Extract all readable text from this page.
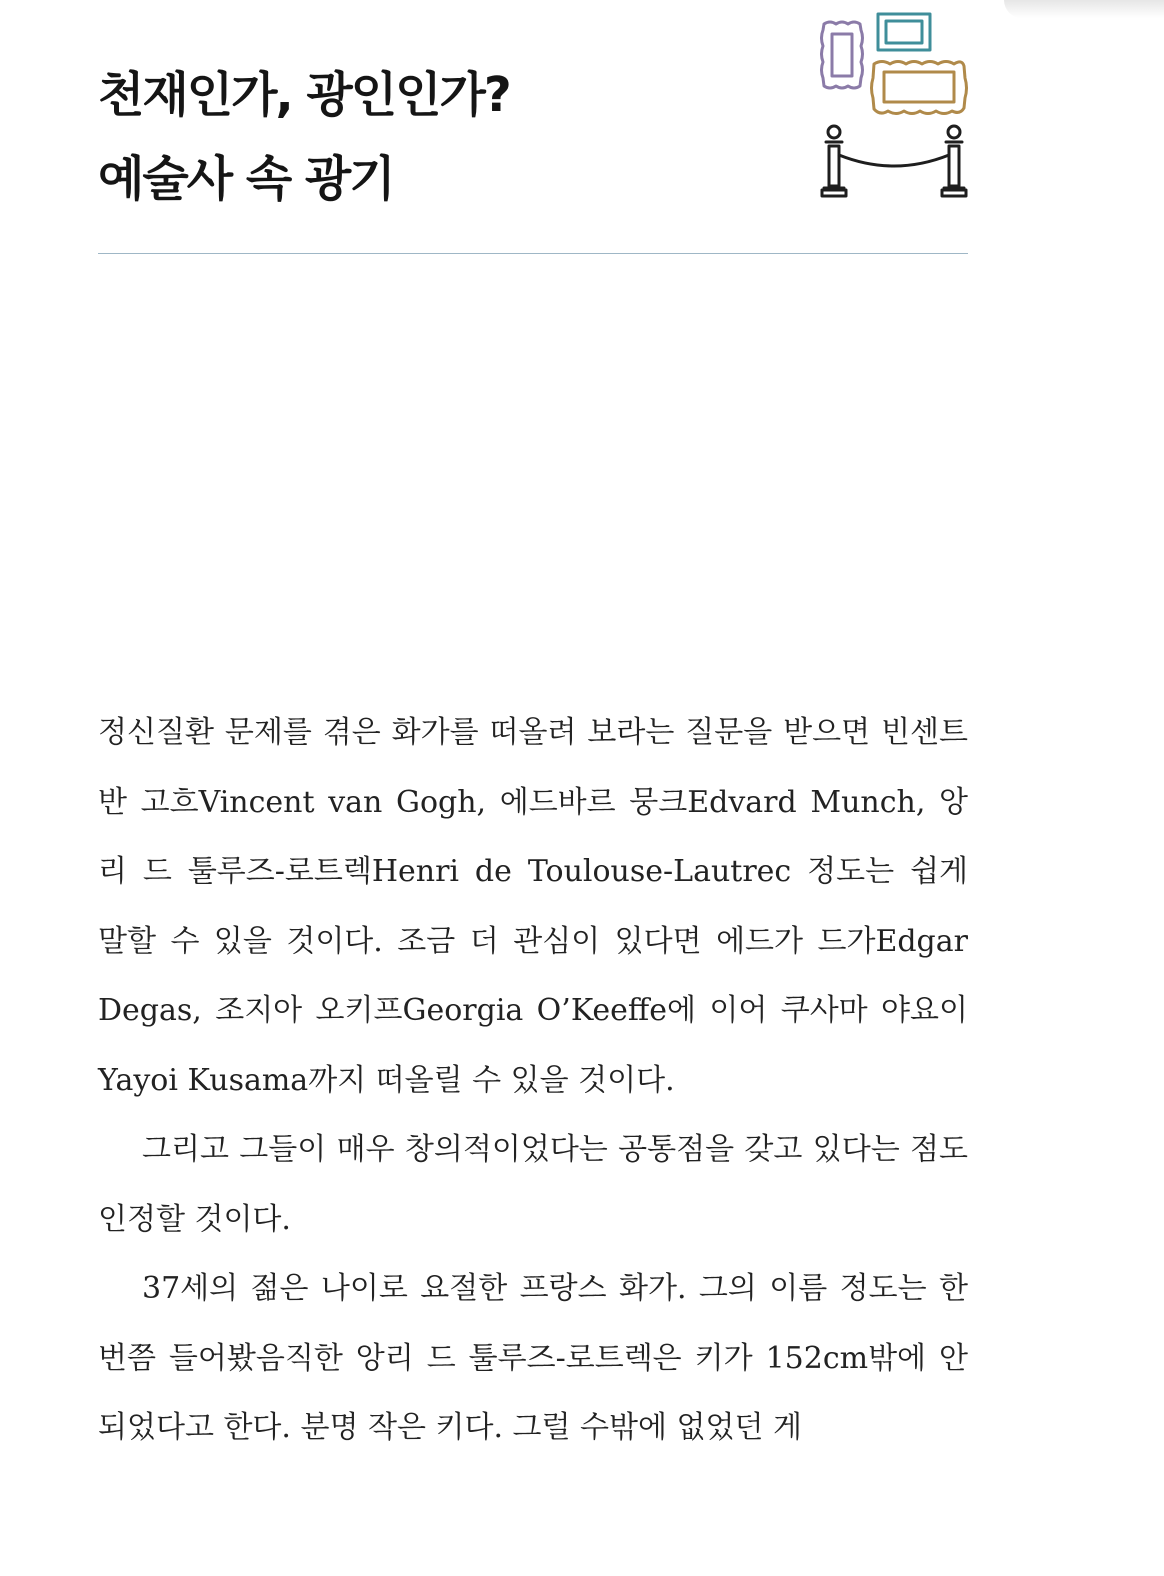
천재인가, 광인인가?
예술사 속 광기

정신질환 문제를 겪은 화가를 떠올려 보라는 질문을 받으면 빈센트 반 고흐Vincent van Gogh, 에드바르 뭉크Edvard Munch, 앙리 드 툴루즈-로트렉Henri de Toulouse-Lautrec 정도는 쉽게 말할 수 있을 것이다. 조금 더 관심이 있다면 에드가 드가Edgar Degas, 조지아 오키프Georgia O’Keeffe에 이어 쿠사마 야요이Yayoi Kusama까지 떠올릴 수 있을 것이다.

그리고 그들이 매우 창의적이었다는 공통점을 갖고 있다는 점도 인정할 것이다.

37세의 젊은 나이로 요절한 프랑스 화가. 그의 이름 정도는 한 번쯤 들어봤음직한 앙리 드 툴루즈-로트렉은 키가 152cm밖에 안 되었다고 한다. 분명 작은 키다. 그럴 수밖에 없었던 게
